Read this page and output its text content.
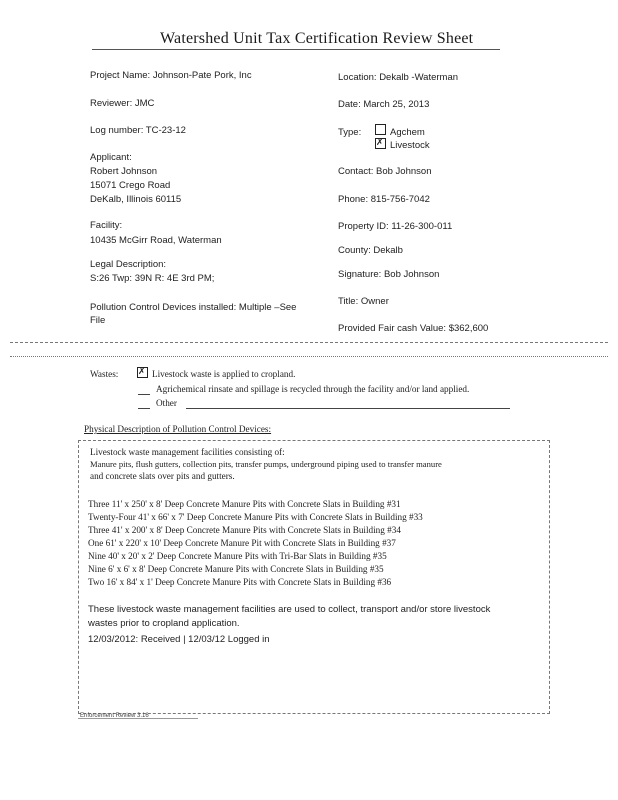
Watershed Unit Tax Certification Review Sheet
Project Name: Johnson-Pate Pork, Inc
Reviewer: JMC
Log number: TC-23-12
Applicant:
Robert Johnson
15071 Crego Road
DeKalb, Illinois 60115
Facility:
10435 McGirr Road, Waterman
Legal Description:
S:26 Twp: 39N R: 4E 3rd PM;
Pollution Control Devices installed: Multiple –See
File
Location: Dekalb -Waterman
Date: March 25, 2013
Type:	Agchem
✗ Livestock
Contact: Bob Johnson
Phone: 815-756-7042
Property ID: 11-26-300-011
County: Dekalb
Signature: Bob Johnson
Title: Owner
Provided Fair cash Value: $362,600
Wastes: ✗ Livestock waste is applied to cropland.
Agrichemical rinsate and spillage is recycled through the facility and/or land applied.
Other
Physical Description of Pollution Control Devices:
Livestock waste management facilities consisting of:
Manure pits, flush gutters, collection pits, transfer pumps, underground piping used to transfer manure
and concrete slats over pits and gutters.
Three 11' x 250' x 8' Deep Concrete Manure Pits with Concrete Slats in Building #31
Twenty-Four 41' x 66' x 7' Deep Concrete Manure Pits with Concrete Slats in Building #33
Three 41' x 200' x 8' Deep Concrete Manure Pits with Concrete Slats in Building #34
One 61' x 220' x 10' Deep Concrete Manure Pit with Concrete Slats in Building #37
Nine 40' x 20' x 2' Deep Concrete Manure Pits with Tri-Bar Slats in Building #35
Nine 6' x 6' x 8' Deep Concrete Manure Pits with Concrete Slats in Building #35
Two 16' x 84' x 1' Deep Concrete Manure Pits with Concrete Slats in Building #36
These livestock waste management facilities are used to collect, transport and/or store livestock
wastes prior to cropland application.
12/03/2012: Received | 12/03/12 Logged in
Enforcement Review 3.16
